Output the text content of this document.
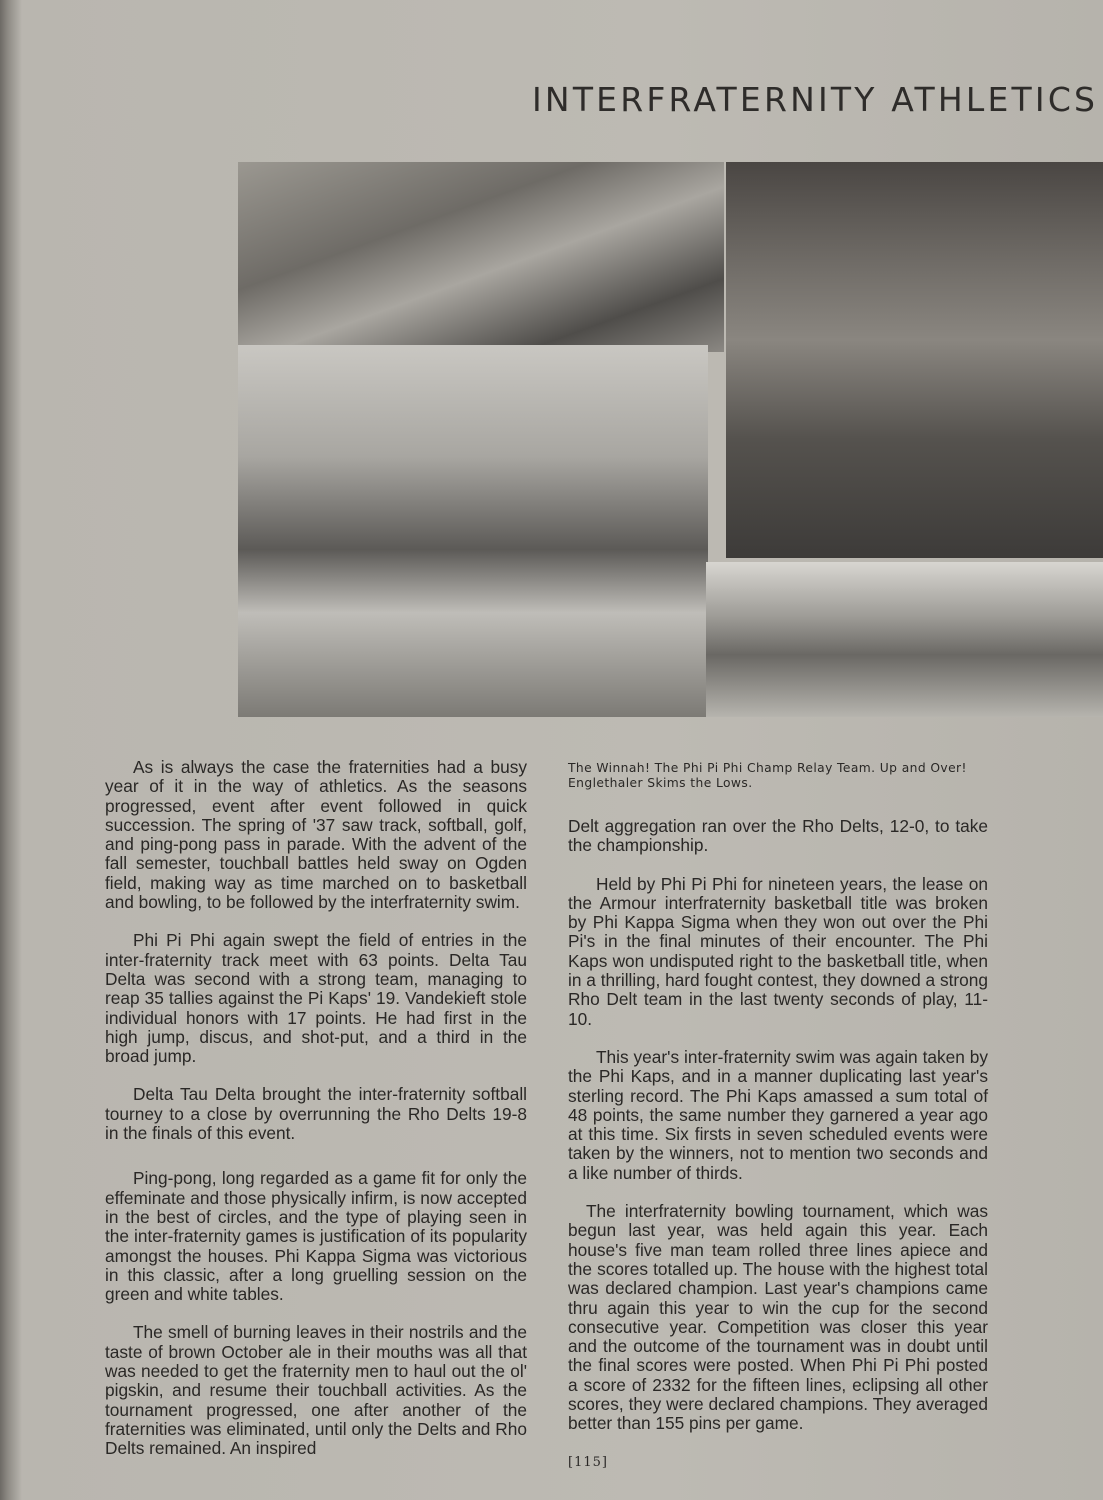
INTERFRATERNITY ATHLETICS

As is always the case the fraternities had a busy year of it in the way of athletics. As the seasons progressed, event after event followed in quick succession. The spring of '37 saw track, softball, golf, and ping-pong pass in parade. With the advent of the fall semester, touchball battles held sway on Ogden field, making way as time marched on to basketball and bowling, to be followed by the interfraternity swim.

Phi Pi Phi again swept the field of entries in the inter-fraternity track meet with 63 points. Delta Tau Delta was second with a strong team, managing to reap 35 tallies against the Pi Kaps' 19. Vandekieft stole individual honors with 17 points. He had first in the high jump, discus, and shot-put, and a third in the broad jump.

Delta Tau Delta brought the inter-fraternity softball tourney to a close by overrunning the Rho Delts 19-8 in the finals of this event.

Ping-pong, long regarded as a game fit for only the effeminate and those physically infirm, is now accepted in the best of circles, and the type of playing seen in the inter-fraternity games is justification of its popularity amongst the houses. Phi Kappa Sigma was victorious in this classic, after a long gruelling session on the green and white tables.

The smell of burning leaves in their nostrils and the taste of brown October ale in their mouths was all that was needed to get the fraternity men to haul out the ol' pigskin, and resume their touchball activities. As the tournament progressed, one after another of the fraternities was eliminated, until only the Delts and Rho Delts remained. An inspired

The Winnah! The Phi Pi Phi Champ Relay Team. Up and Over! Englethaler Skims the Lows.

Delt aggregation ran over the Rho Delts, 12-0, to take the championship.

Held by Phi Pi Phi for nineteen years, the lease on the Armour interfraternity basketball title was broken by Phi Kappa Sigma when they won out over the Phi Pi's in the final minutes of their encounter. The Phi Kaps won undisputed right to the basketball title, when in a thrilling, hard fought contest, they downed a strong Rho Delt team in the last twenty seconds of play, 11-10.

This year's inter-fraternity swim was again taken by the Phi Kaps, and in a manner duplicating last year's sterling record. The Phi Kaps amassed a sum total of 48 points, the same number they garnered a year ago at this time. Six firsts in seven scheduled events were taken by the winners, not to mention two seconds and a like number of thirds.

The interfraternity bowling tournament, which was begun last year, was held again this year. Each house's five man team rolled three lines apiece and the scores totalled up. The house with the highest total was declared champion. Last year's champions came thru again this year to win the cup for the second consecutive year. Competition was closer this year and the outcome of the tournament was in doubt until the final scores were posted. When Phi Pi Phi posted a score of 2332 for the fifteen lines, eclipsing all other scores, they were declared champions. They averaged better than 155 pins per game.

[115]
